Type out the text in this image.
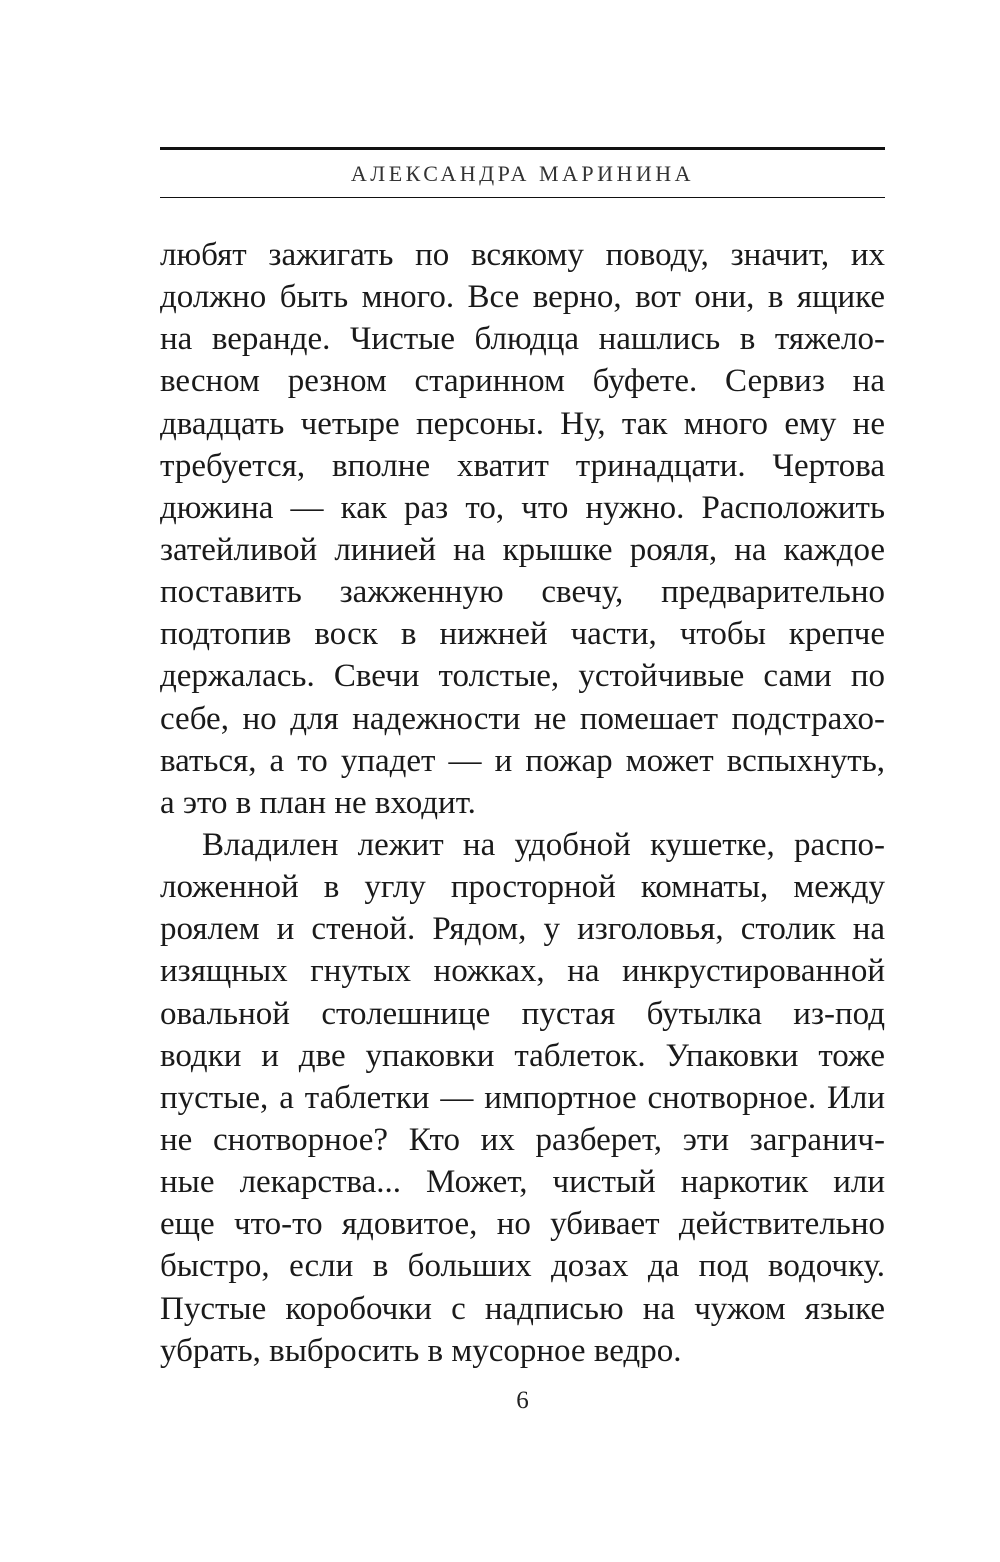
АЛЕКСАНДРА МАРИНИНА
любят зажигать по всякому поводу, значит, их
должно быть много. Все верно, вот они, в ящике
на веранде. Чистые блюдца нашлись в тяжело-
весном резном старинном буфете. Сервиз на
двадцать четыре персоны. Ну, так много ему не
требуется, вполне хватит тринадцати. Чертова
дюжина — как раз то, что нужно. Расположить
затейливой линией на крышке рояля, на каждое
поставить зажженную свечу, предварительно
подтопив воск в нижней части, чтобы крепче
держалась. Свечи толстые, устойчивые сами по
себе, но для надежности не помешает подстрахо-
ваться, а то упадет — и пожар может вспыхнуть,
а это в план не входит.
Владилен лежит на удобной кушетке, распо-
ложенной в углу просторной комнаты, между
роялем и стеной. Рядом, у изголовья, столик на
изящных гнутых ножках, на инкрустированной
овальной столешнице пустая бутылка из-под
водки и две упаковки таблеток. Упаковки тоже
пустые, а таблетки — импортное снотворное. Или
не снотворное? Кто их разберет, эти загранич-
ные лекарства... Может, чистый наркотик или
еще что-то ядовитое, но убивает действительно
быстро, если в больших дозах да под водочку.
Пустые коробочки с надписью на чужом языке
убрать, выбросить в мусорное ведро.
6
